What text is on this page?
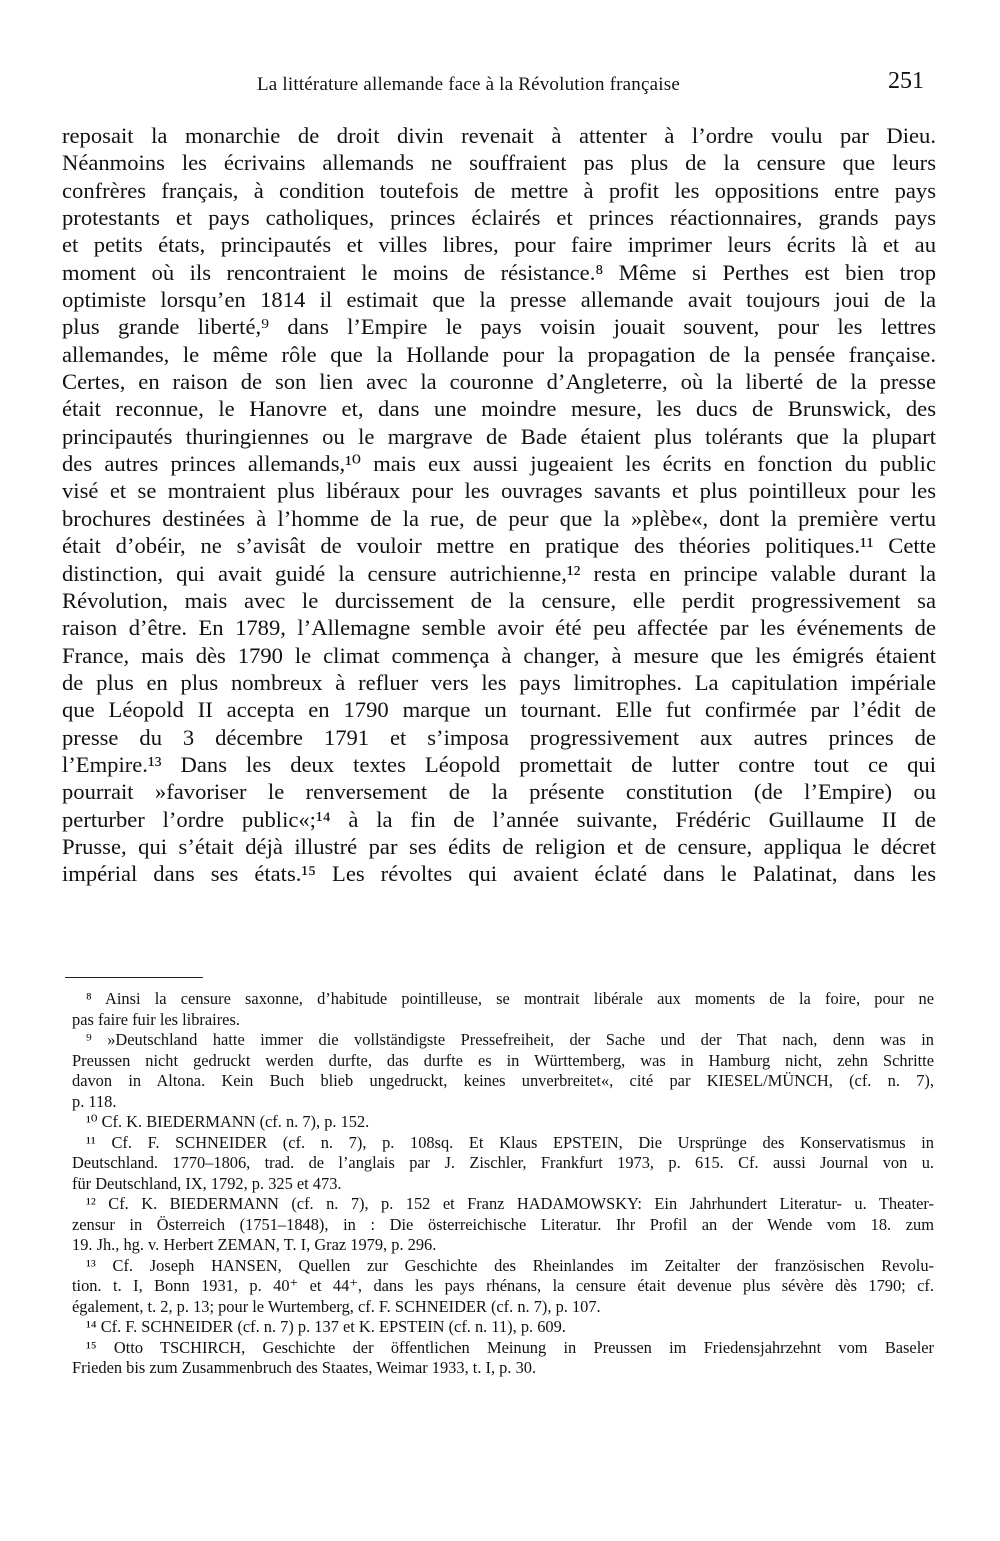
La littérature allemande face à la Révolution française	251
reposait la monarchie de droit divin revenait à attenter à l’ordre voulu par Dieu.
Néanmoins les écrivains allemands ne souffraient pas plus de la censure que leurs
confrères français, à condition toutefois de mettre à profit les oppositions entre pays
protestants et pays catholiques, princes éclairés et princes réactionnaires, grands pays
et petits états, principautés et villes libres, pour faire imprimer leurs écrits là et au
moment où ils rencontraient le moins de résistance.⁸ Même si Perthes est bien trop
optimiste lorsqu’en 1814 il estimait que la presse allemande avait toujours joui de la
plus grande liberté,⁹ dans l’Empire le pays voisin jouait souvent, pour les lettres
allemandes, le même rôle que la Hollande pour la propagation de la pensée française.
Certes, en raison de son lien avec la couronne d’Angleterre, où la liberté de la presse
était reconnue, le Hanovre et, dans une moindre mesure, les ducs de Brunswick, des
principautés thuringiennes ou le margrave de Bade étaient plus tolérants que la plupart
des autres princes allemands,¹⁰ mais eux aussi jugeaient les écrits en fonction du public
visé et se montraient plus libéraux pour les ouvrages savants et plus pointilleux pour les
brochures destinées à l’homme de la rue, de peur que la »plèbe«, dont la première vertu
était d’obéir, ne s’avisât de vouloir mettre en pratique des théories politiques.¹¹ Cette
distinction, qui avait guidé la censure autrichienne,¹² resta en principe valable durant la
Révolution, mais avec le durcissement de la censure, elle perdit progressivement sa
raison d’être. En 1789, l’Allemagne semble avoir été peu affectée par les événements de
France, mais dès 1790 le climat commença à changer, à mesure que les émigrés étaient
de plus en plus nombreux à refluer vers les pays limitrophes. La capitulation impériale
que Léopold II accepta en 1790 marque un tournant. Elle fut confirmée par l’édit de
presse du 3 décembre 1791 et s’imposa progressivement aux autres princes de
l’Empire.¹³ Dans les deux textes Léopold promettait de lutter contre tout ce qui
pourrait »favoriser le renversement de la présente constitution (de l’Empire) ou
perturber l’ordre public«;¹⁴ à la fin de l’année suivante, Frédéric Guillaume II de
Prusse, qui s’était déjà illustré par ses édits de religion et de censure, appliqua le décret
impérial dans ses états.¹⁵ Les révoltes qui avaient éclaté dans le Palatinat, dans les
⁸ Ainsi la censure saxonne, d’habitude pointilleuse, se montrait libérale aux moments de la foire, pour ne
pas faire fuir les libraires.
⁹ »Deutschland hatte immer die vollständigste Pressefreiheit, der Sache und der That nach, denn was in
Preussen nicht gedruckt werden durfte, das durfte es in Württemberg, was in Hamburg nicht, zehn Schritte
davon in Altona. Kein Buch blieb ungedruckt, keines unverbreitet«, cité par KIESEL/MÜNCH, (cf. n. 7),
p. 118.
¹⁰ Cf. K. BIEDERMANN (cf. n. 7), p. 152.
¹¹ Cf. F. SCHNEIDER (cf. n. 7), p. 108sq. Et Klaus EPSTEIN, Die Ursprünge des Konservatismus in
Deutschland. 1770–1806, trad. de l’anglais par J. Zischler, Frankfurt 1973, p. 615. Cf. aussi Journal von u.
für Deutschland, IX, 1792, p. 325 et 473.
¹² Cf. K. BIEDERMANN (cf. n. 7), p. 152 et Franz HADAMOWSKY: Ein Jahrhundert Literatur- u. Theater-
zensur in Österreich (1751–1848), in : Die österreichische Literatur. Ihr Profil an der Wende vom 18. zum
19. Jh., hg. v. Herbert ZEMAN, T. I, Graz 1979, p. 296.
¹³ Cf. Joseph HANSEN, Quellen zur Geschichte des Rheinlandes im Zeitalter der französischen Revolu-
tion. t. I, Bonn 1931, p. 40⁺ et 44⁺, dans les pays rhénans, la censure était devenue plus sévère dès 1790; cf.
également, t. 2, p. 13; pour le Wurtemberg, cf. F. SCHNEIDER (cf. n. 7), p. 107.
¹⁴ Cf. F. SCHNEIDER (cf. n. 7) p. 137 et K. EPSTEIN (cf. n. 11), p. 609.
¹⁵ Otto TSCHIRCH, Geschichte der öffentlichen Meinung in Preussen im Friedensjahrzehnt vom Baseler
Frieden bis zum Zusammenbruch des Staates, Weimar 1933, t. I, p. 30.
